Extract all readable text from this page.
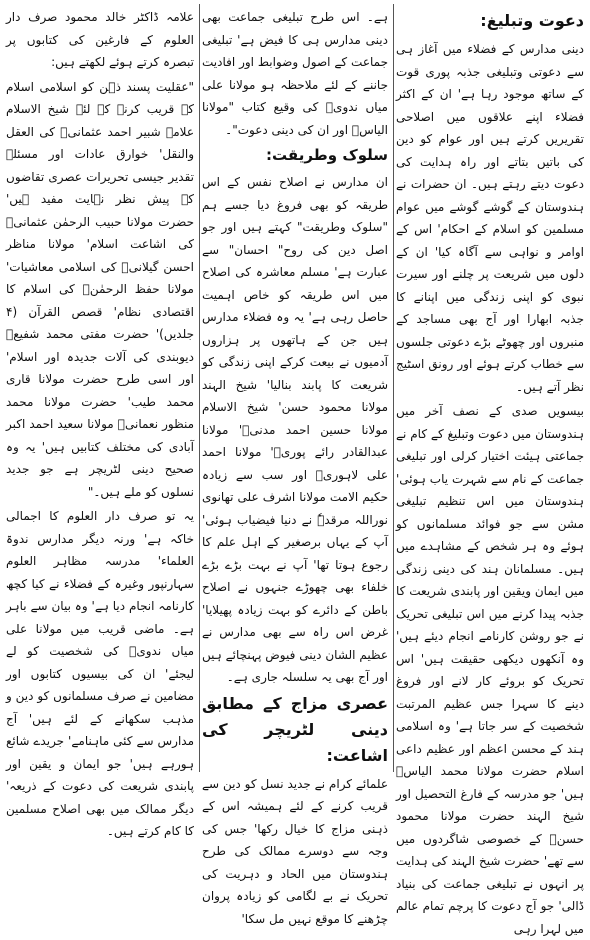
دعوت وتبلیغ:

دینی مدارس کے فضلاء میں آغاز ہی سے دعوتی وتبلیغی جذبہ پوری قوت کے ساتھ موجود رہا ہے' ان کے اکثر فضلاء اپنے علاقوں میں اصلاحی تقریریں کرتے ہیں اور عوام کو دین کی باتیں بتاتے اور راہ ہدایت کی دعوت دیتے رہتے ہیں۔ ان حضرات نے ہندوستان کے گوشے گوشے میں عوام مسلمین کو اسلام کے احکام' اس کے اوامر و نواہی سے آگاہ کیا' ان کے دلوں میں شریعت پر چلنے اور سیرت نبوی کو اپنی زندگی میں اپنانے کا جذبہ ابھارا اور آج بھی مساجد کے منبروں اور چھوٹے بڑے دعوتی جلسوں سے خطاب کرتے ہوئے اور رونق اسٹیج نظر آتے ہیں۔

بیسویں صدی کے نصف آخر میں ہندوستان میں دعوت وتبلیغ کے کام نے جماعتی ہیئت اختیار کرلی اور تبلیغی جماعت کے نام سے شہرت یاب ہوئی' ہندوستان میں اس تنظیم تبلیغی مشن سے جو فوائد مسلمانوں کو ہوئے وہ ہر شخص کے مشاہدے میں ہیں۔ مسلمانان ہند کی دینی زندگی میں ایمان ویقین اور پابندی شریعت کا جذبہ پیدا کرنے میں اس تبلیغی تحریک نے جو روشن کارنامے انجام دیئے ہیں' وہ آنکھوں دیکھی حقیقت ہیں' اس تحریک کو بروئے کار لانے اور فروغ دینے کا سہرا جس عظیم المرتبت شخصیت کے سر جاتا ہے' وہ اسلامی ہند کے محسن اعظم اور عظیم داعی اسلام حضرت مولانا محمد الیاسؒ ہیں' جو مدرسہ کے فارغ التحصیل اور شیخ الہند حضرت مولانا محمود حسنؒ کے خصوصی شاگردوں میں سے تھے' حضرت شیخ الہند کی ہدایت پر انہوں نے تبلیغی جماعت کی بنیاد ڈالی' جو آج دعوت کا پرچم تمام عالم میں لہرا رہی

ہے۔ اس طرح تبلیغی جماعت بھی دینی مدارس ہی کا فیض ہے' تبلیغی جماعت کے اصول وضوابط اور افادیت جاننے کے لئے ملاحظہ ہو مولانا علی میاں ندویؒ کی وقیع کتاب "مولانا الیاسؒ اور ان کی دینی دعوت"۔

سلوک وطریقت:

ان مدارس نے اصلاح نفس کے اس طریقہ کو بھی فروغ دیا جسے ہم "سلوک وطریقت" کہتے ہیں اور جو اصل دین کی روح" احسان" سے عبارت ہے' مسلم معاشرہ کی اصلاح میں اس طریقہ کو خاص اہمیت حاصل رہی ہے' یہ وہ فضلاء مدارس ہیں جن کے ہاتھوں پر ہزاروں آدمیوں نے بیعت کرکے اپنی زندگی کو شریعت کا پابند بنالیا' شیخ الہند مولانا محمود حسن' شیخ الاسلام مولانا حسین احمد مدنیؒ' مولانا عبدالقادر رائے پوریؒ' مولانا احمد علی لاہوریؒ اور سب سے زیادہ حکیم الامت مولانا اشرف علی تھانوی نوراللہ مرقدہٗ نے دنیا فیضیاب ہوئی' آپ کے یہاں برصغیر کے اہل علم کا رجوع ہوتا تھا' آپ نے بہت بڑے بڑے خلفاء بھی چھوڑے جنہوں نے اصلاح باطن کے دائرے کو بہت زیادہ پھیلایا' غرض اس راہ سے بھی مدارس نے عظیم الشان دینی فیوض پہنچائے ہیں اور آج بھی یہ سلسلہ جاری ہے۔

عصری مزاج کے مطابق دینی لٹریچر کی اشاعت:

علمائے کرام نے جدید نسل کو دین سے قریب کرنے کے لئے ہمیشہ اس کے ذہنی مزاج کا خیال رکھا' جس کی وجہ سے دوسرے ممالک کی طرح ہندوستان میں الحاد و دہریت کی تحریک نے بے لگامی کو زیادہ پروان چڑھنے کا موقع نہیں مل سکا'

علامہ ڈاکٹر خالد محمود صرف دار العلوم کے فارغین کی کتابوں پر تبصرہ کرتے ہوئے لکھتے ہیں:

"عقلیت پسند ذہن کو اسلامی اسلام کے قریب کرنے کے لئے شیخ الاسلام علامہ شبیر احمد عثمانیؒ کی العقل والنقل' خوارق عادات اور مسئلہ تقدیر جیسی تحریرات عصری تقاضوں کے پیش نظر نہایت مفید ہیں' حضرت مولانا حبیب الرحمٰن عثمانیؒ کی اشاعت اسلام' مولانا مناظر احسن گیلانیؒ کی اسلامی معاشیات' مولانا حفظ الرحمٰنؒ کی اسلام کا اقتصادی نظام' قصص القرآن (۴ جلدیں)' حضرت مفتی محمد شفیعؒ دیوبندی کی آلات جدیدہ اور اسلام' اور اسی طرح حضرت مولانا قاری محمد طیب' حضرت مولانا محمد منظور نعمانیؒ مولانا سعید احمد اکبر آبادی کی مختلف کتابیں ہیں' یہ وہ صحیح دینی لٹریچر ہے جو جدید نسلوں کو ملے ہیں۔"

یہ تو صرف دار العلوم کا اجمالی خاکہ ہے' ورنہ دیگر مدارس ندوۃ العلماء' مدرسہ مظاہر العلوم سہارنپور وغیرہ کے فضلاء نے کیا کچھ کارنامہ انجام دیا ہے' وہ بیان سے باہر ہے۔ ماضی قریب میں مولانا علی میاں ندویؒ کی شخصیت کو لے لیجئے' ان کی بیسیوں کتابوں اور مضامین نے صرف مسلمانوں کو دین و مذہب سکھانے کے لئے ہیں' آج مدارس سے کئی ماہنامے' جریدے شائع ہورہے ہیں' جو ایمان و یقین اور پابندی شریعت کی دعوت کے ذریعہ' دیگر ممالک میں بھی اصلاح مسلمین کا کام کرتے ہیں۔
